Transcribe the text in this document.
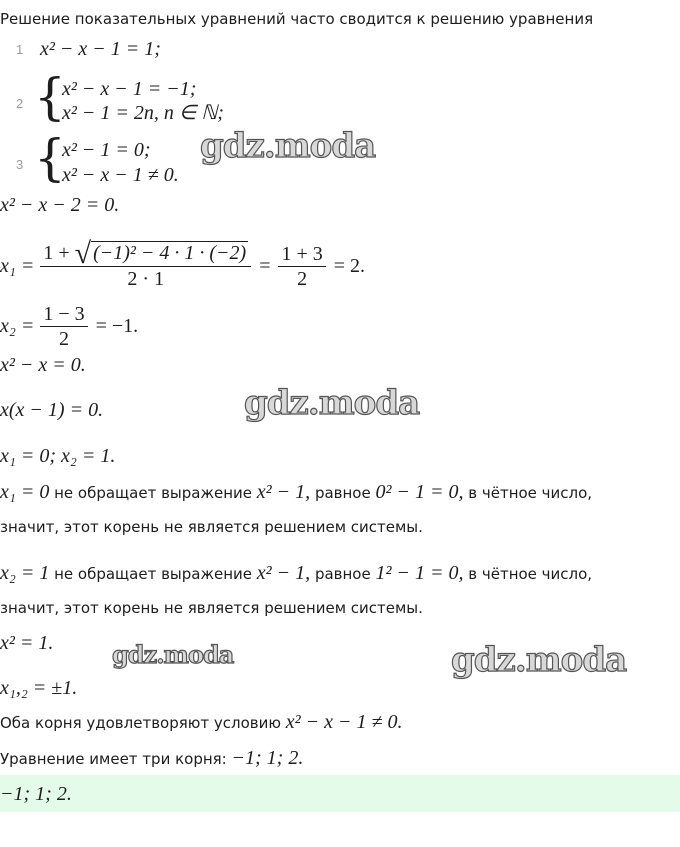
Решение показательных уравнений часто сводится к решению уравнения
1 x² − x − 1 = 1;
2 {
x² − x − 1 = −1;
x² − 1 = 2n, n ∈ ℕ;
3 {
x² − 1 = 0;
x² − x − 1 ≠ 0.
x² − x − 2 = 0.
$x_1 = \frac{\text{1 + √ (−1)² − 4 · 1 · (−2)}}{2 \cdot 1} = \frac{1 + 3}{2} = 2$.
$x_2 = \frac{1 - 3}{2} = -1$.
x² − x = 0.
x(x − 1) = 0.
x₁ = 0; x₂ = 1.
x₁ = 0 не обращает выражение x² − 1, равное 0² − 1 = 0, в чётное число,
значит, этот корень не является решением системы.
x₂ = 1 не обращает выражение x² − 1, равное 1² − 1 = 0, в чётное число,
значит, этот корень не является решением системы.
x² = 1.
x₁,₂ = ±1.
Оба корня удовлетворяют условию x² − x − 1 ≠ 0.
Уравнение имеет три корня: −1; 1; 2.
−1; 1; 2.
gdz.moda
gdz.moda
gdz.moda	gdz.moda
